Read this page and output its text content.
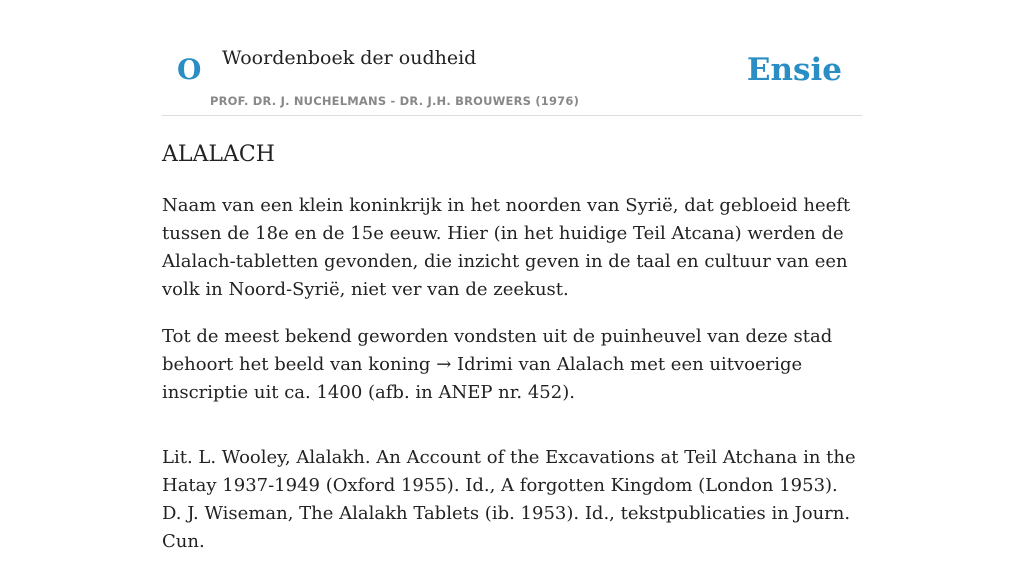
O Woordenboek der oudheid
PROF. DR. J. NUCHELMANS - DR. J.H. BROUWERS (1976)
Ensie
ALALACH

Naam van een klein koninkrijk in het noorden van Syrië, dat gebloeid heeft tussen de 18e en de 15e eeuw. Hier (in het huidige Teil Atcana) werden de Alalach-tabletten gevonden, die inzicht geven in de taal en cultuur van een volk in Noord-Syrië, niet ver van de zeekust.

Tot de meest bekend geworden vondsten uit de puinheuvel van deze stad behoort het beeld van koning → Idrimi van Alalach met een uitvoerige inscriptie uit ca. 1400 (afb. in ANEP nr. 452).

Lit. L. Wooley, Alalakh. An Account of the Excavations at Teil Atchana in the Hatay 1937-1949 (Oxford 1955). Id., A forgotten Kingdom (London 1953). D. J. Wiseman, The Alalakh Tablets (ib. 1953). Id., tekstpublicaties in Journ. Cun.
